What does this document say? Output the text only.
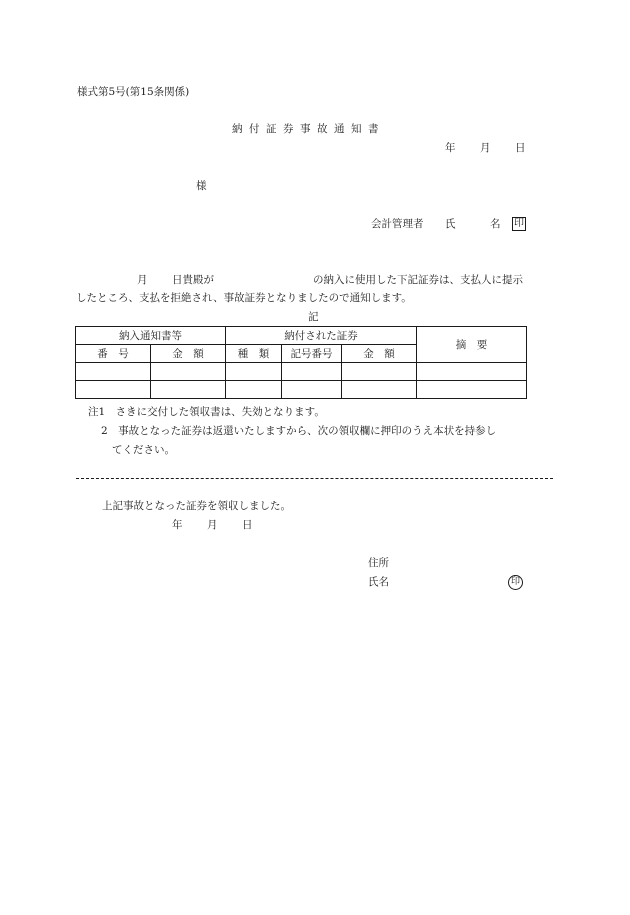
様式第5号(第15条関係)
納付証券事故通知書
年 月 日
様
会計管理者 氏	名 印
月 日貴殿が	の納入に使用した下記証券は、支払人に提示
したところ、支払を拒絶され、事故証券となりましたので通知します。
記
納入通知書等		納付された証券			摘　要
番　号	金　額	種　類	記号番号	金　額	

注1　さきに交付した領収書は、失効となります。
2　事故となった証券は返還いたしますから、次の領収欄に押印のうえ本状を持参し
てください。
上記事故となった証券を領収しました。
年 月 日
住所
氏名	印
